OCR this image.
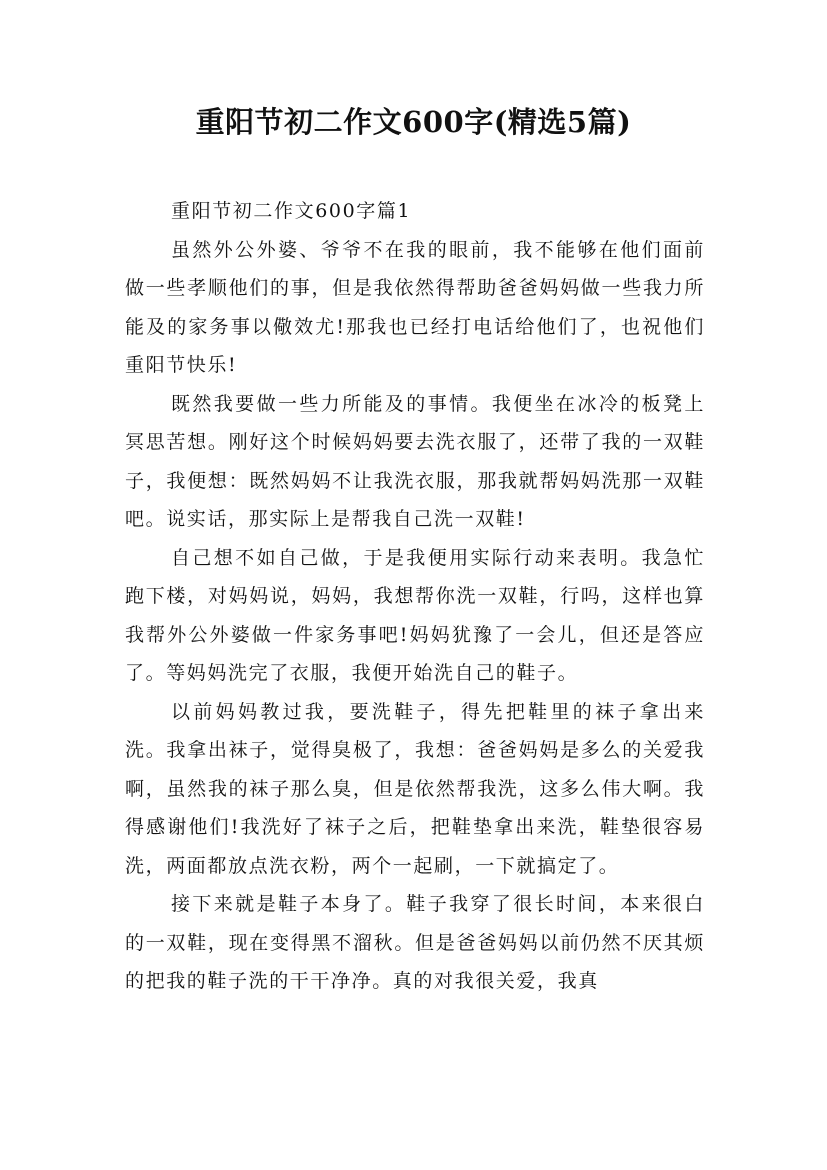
重阳节初二作文600字(精选5篇)

重阳节初二作文600字篇1

虽然外公外婆、爷爷不在我的眼前，我不能够在他们面前做一些孝顺他们的事，但是我依然得帮助爸爸妈妈做一些我力所能及的家务事以儆效尤!那我也已经打电话给他们了，也祝他们重阳节快乐!

既然我要做一些力所能及的事情。我便坐在冰冷的板凳上冥思苦想。刚好这个时候妈妈要去洗衣服了，还带了我的一双鞋子，我便想：既然妈妈不让我洗衣服，那我就帮妈妈洗那一双鞋吧。说实话，那实际上是帮我自己洗一双鞋!

自己想不如自己做，于是我便用实际行动来表明。我急忙跑下楼，对妈妈说，妈妈，我想帮你洗一双鞋，行吗，这样也算我帮外公外婆做一件家务事吧!妈妈犹豫了一会儿，但还是答应了。等妈妈洗完了衣服，我便开始洗自己的鞋子。

以前妈妈教过我，要洗鞋子，得先把鞋里的袜子拿出来洗。我拿出袜子，觉得臭极了，我想：爸爸妈妈是多么的关爱我啊，虽然我的袜子那么臭，但是依然帮我洗，这多么伟大啊。我得感谢他们!我洗好了袜子之后，把鞋垫拿出来洗，鞋垫很容易洗，两面都放点洗衣粉，两个一起刷，一下就搞定了。

接下来就是鞋子本身了。鞋子我穿了很长时间，本来很白的一双鞋，现在变得黑不溜秋。但是爸爸妈妈以前仍然不厌其烦的把我的鞋子洗的干干净净。真的对我很关爱，我真
